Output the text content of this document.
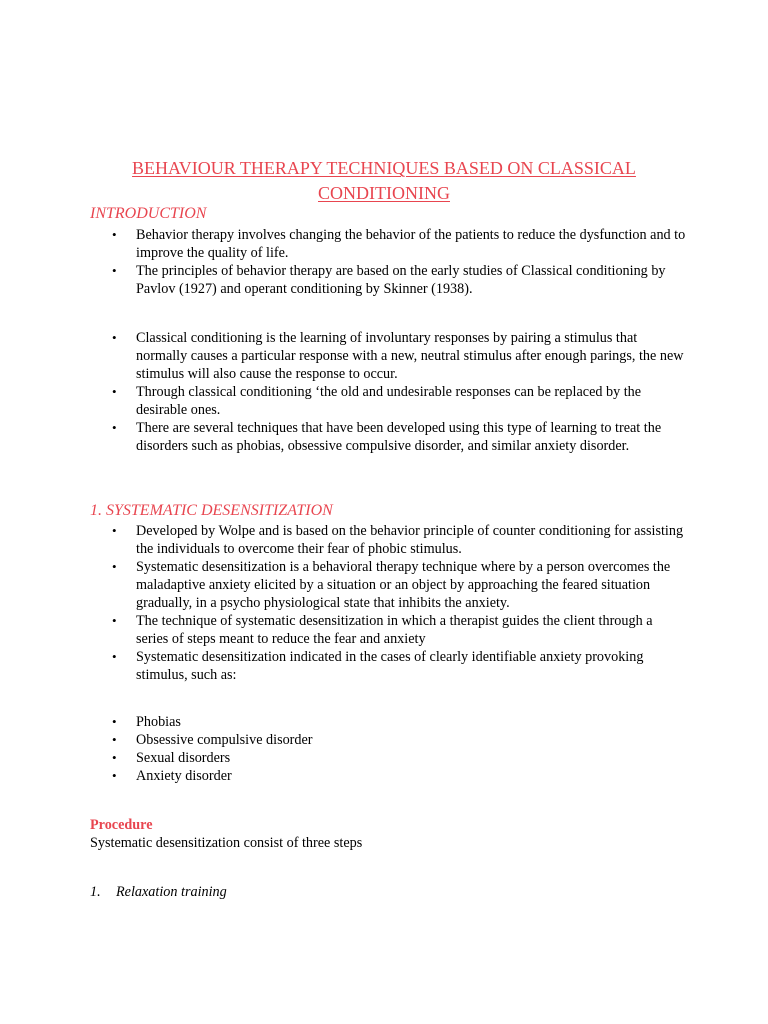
BEHAVIOUR THERAPY TECHNIQUES BASED ON CLASSICAL CONDITIONING
INTRODUCTION
• Behavior therapy involves changing the behavior of the patients to reduce the dysfunction and to improve the quality of life.
• The principles of behavior therapy are based on the early studies of Classical conditioning by Pavlov (1927) and operant conditioning by Skinner (1938).
• Classical conditioning is the learning of involuntary responses by pairing a stimulus that normally causes a particular response with a new, neutral stimulus after enough parings, the new stimulus will also cause the response to occur.
• Through classical conditioning ‘the old and undesirable responses can be replaced by the desirable ones.
• There are several techniques that have been developed using this type of learning to treat the disorders such as phobias, obsessive compulsive disorder, and similar anxiety disorder.
1. SYSTEMATIC DESENSITIZATION
• Developed by Wolpe and is based on the behavior principle of counter conditioning for assisting the individuals to overcome their fear of phobic stimulus.
• Systematic desensitization is a behavioral therapy technique where by a person overcomes the maladaptive anxiety elicited by a situation or an object by approaching the feared situation gradually, in a psycho physiological state that inhibits the anxiety.
• The technique of systematic desensitization in which a therapist guides the client through a series of steps meant to reduce the fear and anxiety
• Systematic desensitization indicated in the cases of clearly identifiable anxiety provoking stimulus, such as:
• Phobias
• Obsessive compulsive disorder
• Sexual disorders
• Anxiety disorder
Procedure
Systematic desensitization consist of three steps
1. Relaxation training
